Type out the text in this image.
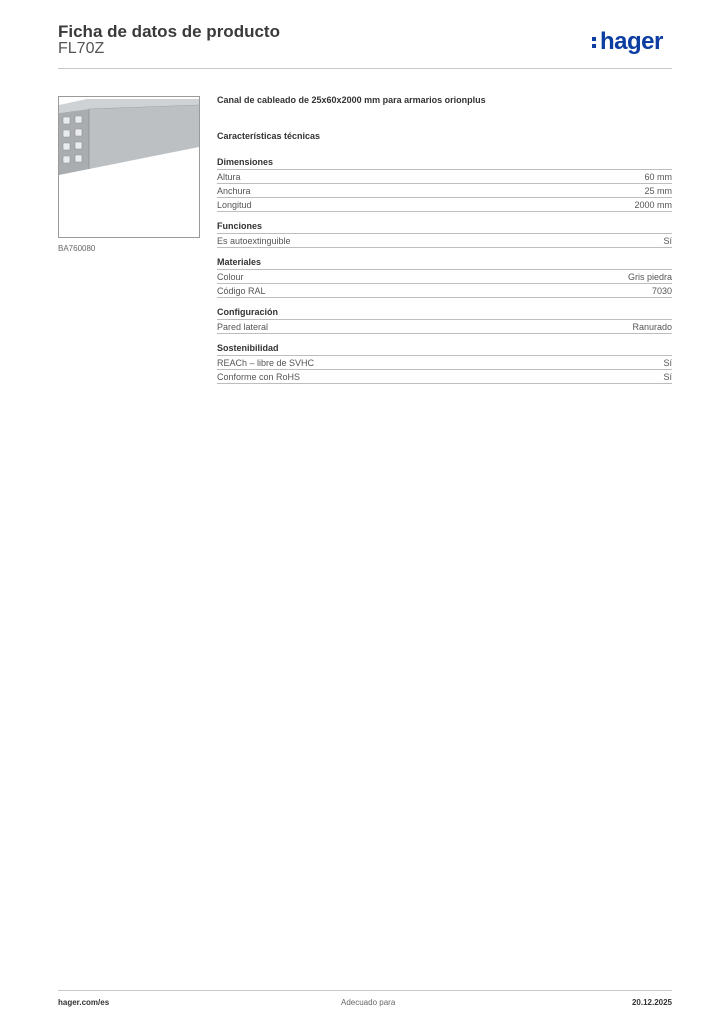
Ficha de datos de producto
FL70Z	hager
BA760080
Canal de cableado de 25x60x2000 mm para armarios orionplus
Características técnicas
Dimensiones
Altura	60 mm
Anchura	25 mm
Longitud	2000 mm
Funciones
Es autoextinguible	Sí
Materiales
Colour	Gris piedra
Código RAL	7030
Configuración
Pared lateral	Ranurado
Sostenibilidad
REACh – libre de SVHC	Sí
Conforme con RoHS	Sí
hager.com/es	Adecuado para	20.12.2025
